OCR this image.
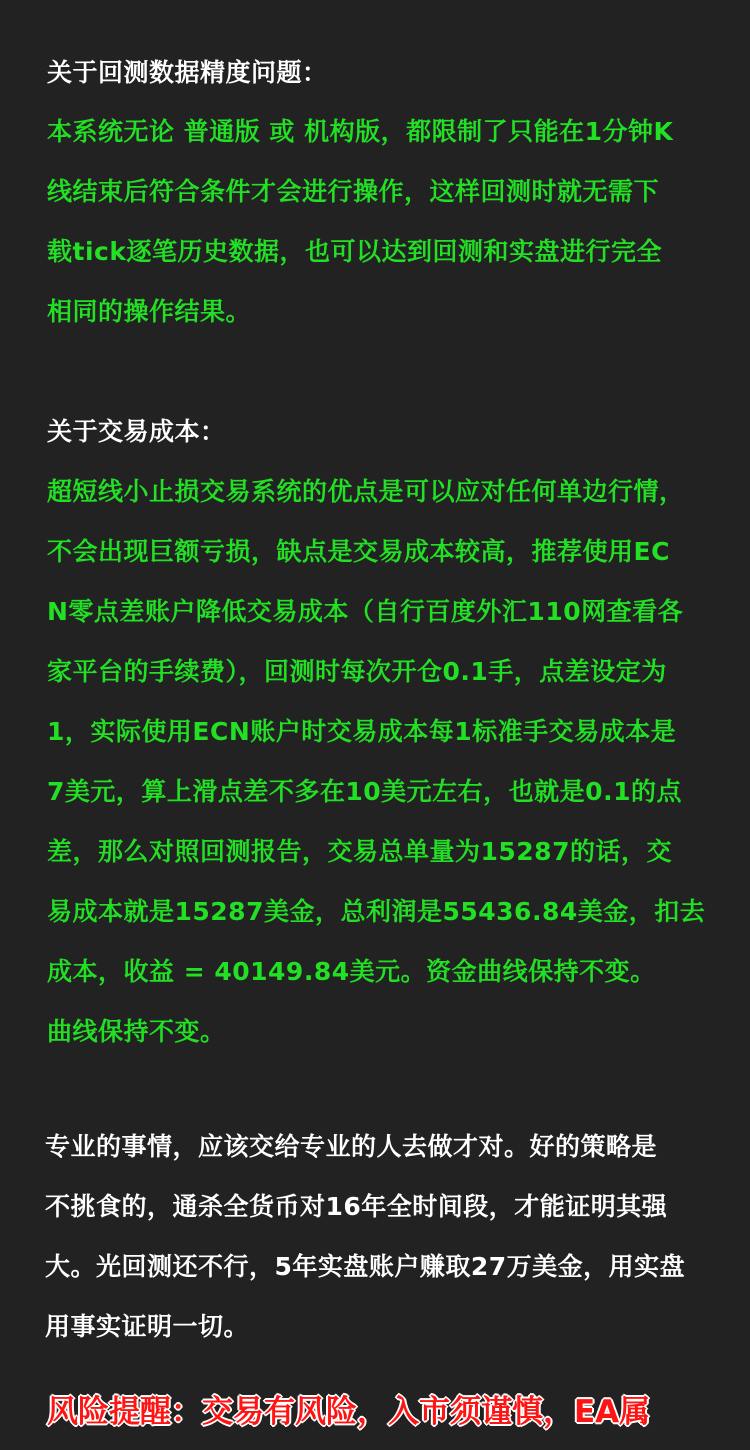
关于回测数据精度问题：
本系统无论 普通版 或 机构版，都限制了只能在1分钟K
线结束后符合条件才会进行操作，这样回测时就无需下
载tick逐笔历史数据，也可以达到回测和实盘进行完全
相同的操作结果。
关于交易成本：
超短线小止损交易系统的优点是可以应对任何单边行情，
不会出现巨额亏损，缺点是交易成本较高，推荐使用EC
N零点差账户降低交易成本（自行百度外汇110网查看各
家平台的手续费），回测时每次开仓0.1手，点差设定为
1，实际使用ECN账户时交易成本每1标准手交易成本是
7美元，算上滑点差不多在10美元左右，也就是0.1的点
差，那么对照回测报告，交易总单量为15287的话，交
易成本就是15287美金，总利润是55436.84美金，扣去
成本，收益 = 40149.84美元。资金曲线保持不变。
曲线保持不变。
专业的事情，应该交给专业的人去做才对。好的策略是
不挑食的，通杀全货币对16年全时间段，才能证明其强
大。光回测还不行，5年实盘账户赚取27万美金，用实盘
用事实证明一切。
风险提醒：交易有风险，入市须谨慎，EA属
